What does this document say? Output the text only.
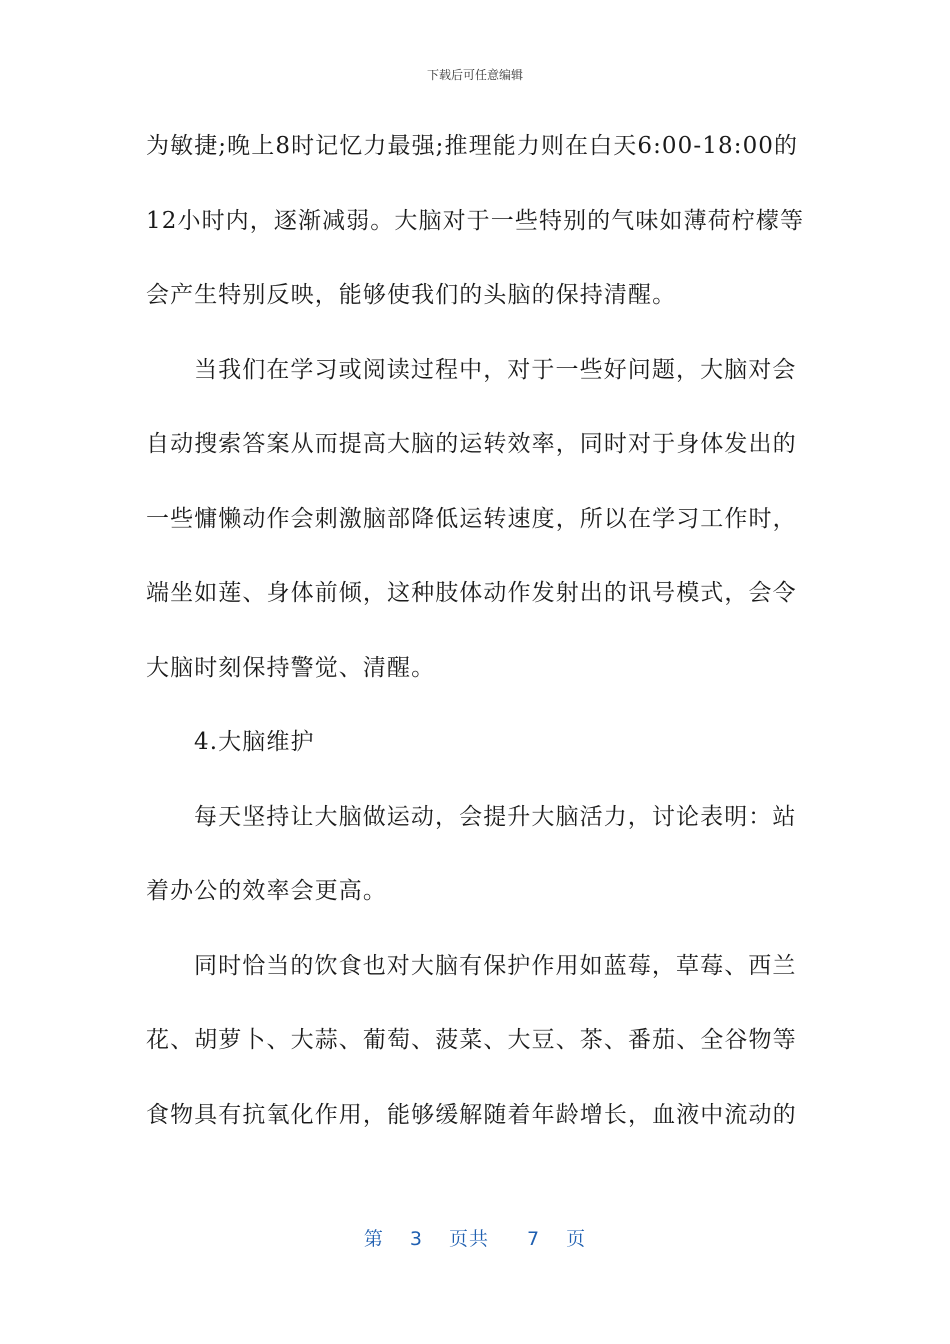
下载后可任意编辑
为敏捷;晚上8时记忆力最强;推理能力则在白天6:00-18:00的
12小时内，逐渐减弱。大脑对于一些特别的气味如薄荷柠檬等
会产生特别反映，能够使我们的头脑的保持清醒。
当我们在学习或阅读过程中，对于一些好问题，大脑对会
自动搜索答案从而提高大脑的运转效率，同时对于身体发出的
一些慵懒动作会刺激脑部降低运转速度，所以在学习工作时，
端坐如莲、身体前倾，这种肢体动作发射出的讯号模式，会令
大脑时刻保持警觉、清醒。
4.大脑维护
每天坚持让大脑做运动，会提升大脑活力，讨论表明：站
着办公的效率会更高。
同时恰当的饮食也对大脑有保护作用如蓝莓，草莓、西兰
花、胡萝卜、大蒜、葡萄、菠菜、大豆、茶、番茄、全谷物等
食物具有抗氧化作用，能够缓解随着年龄增长，血液中流动的
第 3 页共 7 页
